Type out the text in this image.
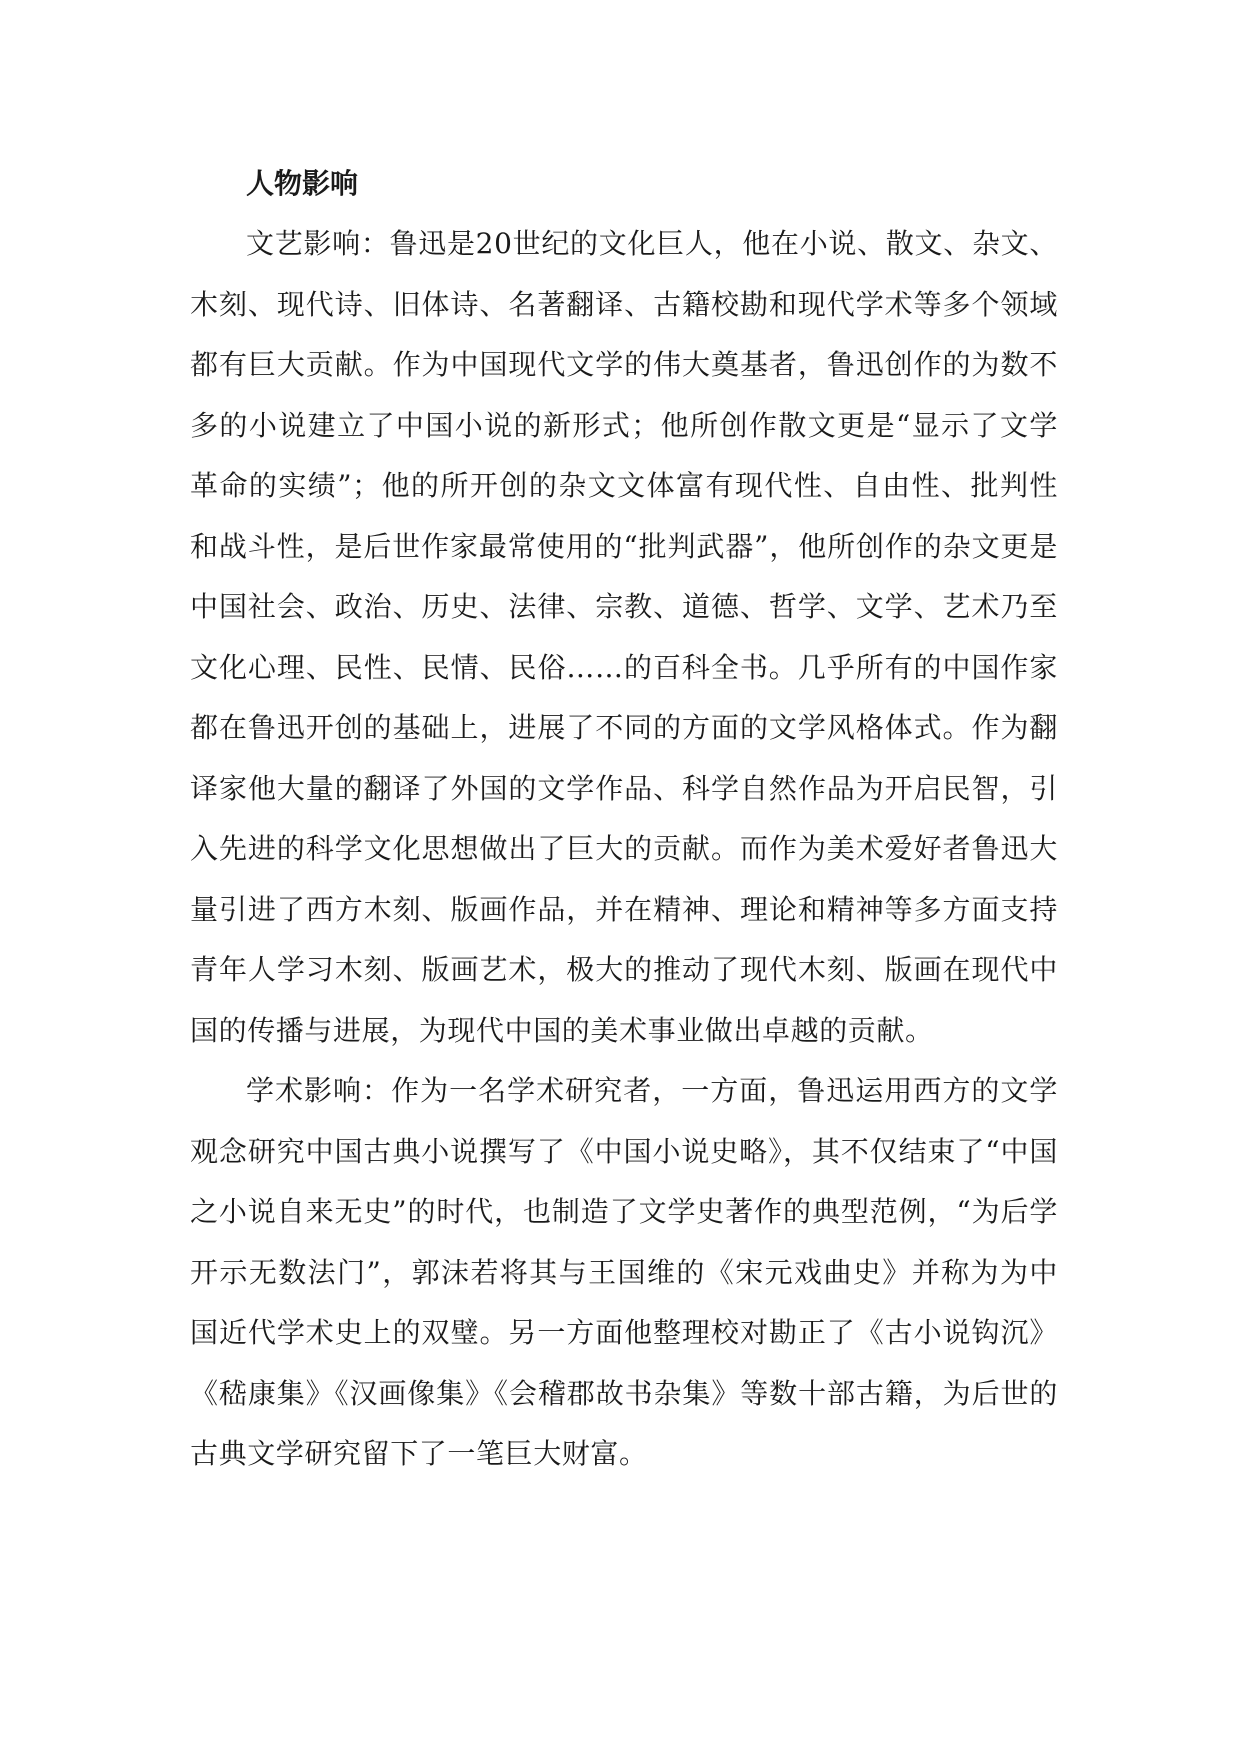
人物影响

文艺影响：鲁迅是20世纪的文化巨人，他在小说、散文、杂文、木刻、现代诗、旧体诗、名著翻译、古籍校勘和现代学术等多个领域都有巨大贡献。作为中国现代文学的伟大奠基者，鲁迅创作的为数不多的小说建立了中国小说的新形式；他所创作散文更是“显示了文学革命的实绩”；他的所开创的杂文文体富有现代性、自由性、批判性和战斗性，是后世作家最常使用的“批判武器”，他所创作的杂文更是中国社会、政治、历史、法律、宗教、道德、哲学、文学、艺术乃至文化心理、民性、民情、民俗……的百科全书。几乎所有的中国作家都在鲁迅开创的基础上，进展了不同的方面的文学风格体式。作为翻译家他大量的翻译了外国的文学作品、科学自然作品为开启民智，引入先进的科学文化思想做出了巨大的贡献。而作为美术爱好者鲁迅大量引进了西方木刻、版画作品，并在精神、理论和精神等多方面支持青年人学习木刻、版画艺术，极大的推动了现代木刻、版画在现代中国的传播与进展，为现代中国的美术事业做出卓越的贡献。

学术影响：作为一名学术研究者，一方面，鲁迅运用西方的文学观念研究中国古典小说撰写了《中国小说史略》，其不仅结束了“中国之小说自来无史”的时代，也制造了文学史著作的典型范例，“为后学开示无数法门”，郭沫若将其与王国维的《宋元戏曲史》并称为为中国近代学术史上的双璧。另一方面他整理校对勘正了《古小说钩沉》《嵇康集》《汉画像集》《会稽郡故书杂集》等数十部古籍，为后世的古典文学研究留下了一笔巨大财富。
